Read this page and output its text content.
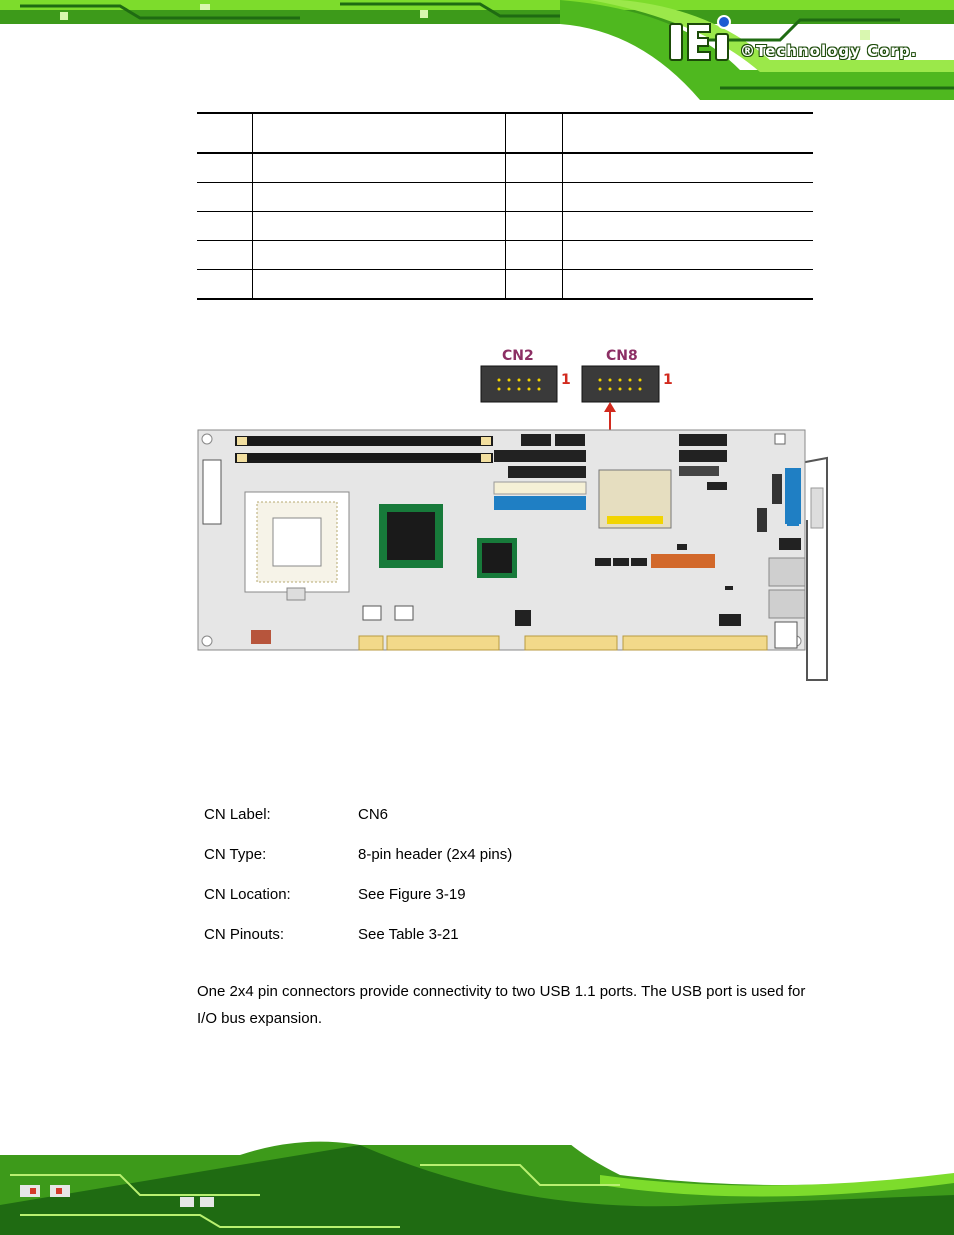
®Technology Corp.

CN2	CN8
1	1
CN Label:	CN6
CN Type:	8-pin header (2x4 pins)
CN Location:	See Figure 3-19
CN Pinouts:	See Table 3-21
One 2x4 pin connectors provide connectivity to two USB 1.1 ports. The USB port is used for I/O bus expansion.
